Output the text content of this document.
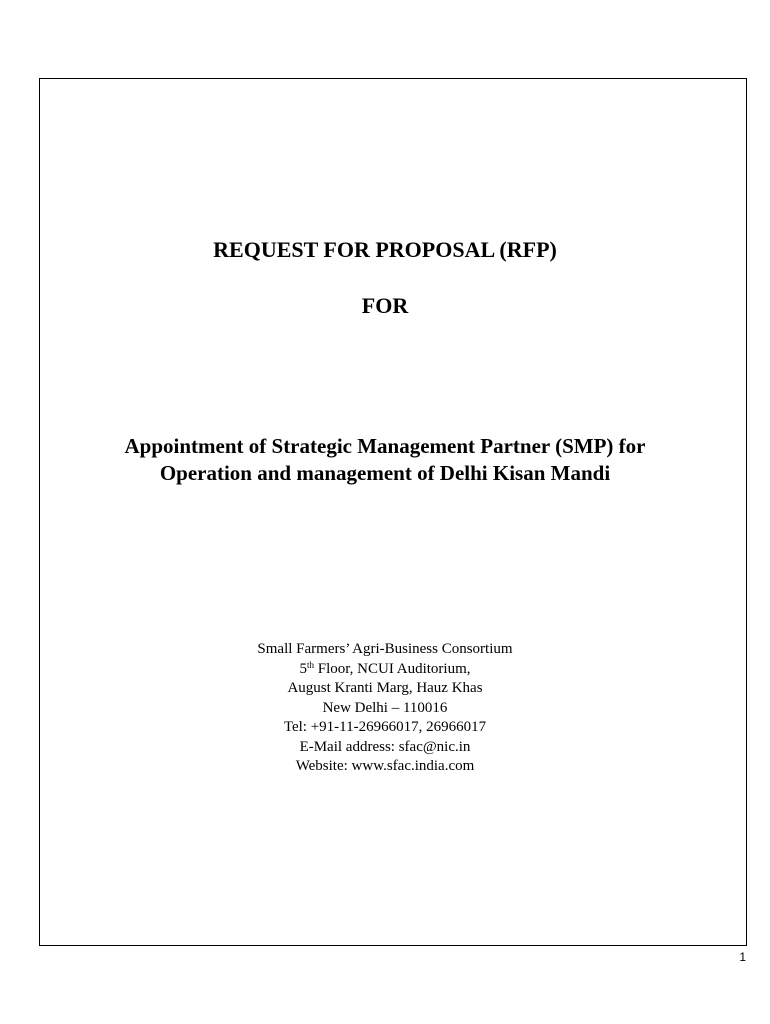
REQUEST FOR PROPOSAL (RFP)
FOR
Appointment of Strategic Management Partner (SMP) for
Operation and management of Delhi Kisan Mandi
Small Farmers’ Agri-Business Consortium
5th Floor, NCUI Auditorium,
August Kranti Marg, Hauz Khas
New Delhi – 110016
Tel: +91-11-26966017, 26966017
E-Mail address: sfac@nic.in
Website: www.sfac.india.com
1
